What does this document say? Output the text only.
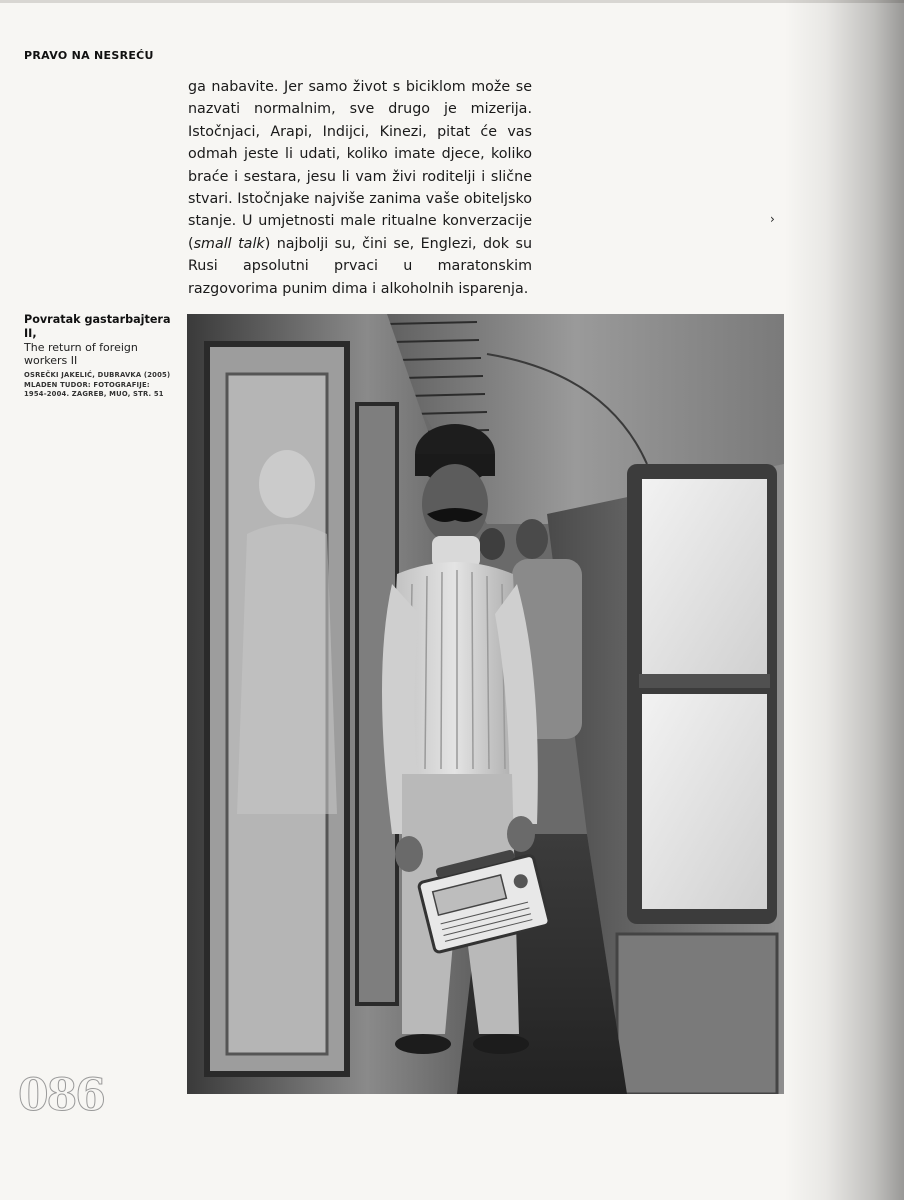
PRAVO NA NESREĆU

ga nabavite. Jer samo život s biciklom može se nazvati normalnim, sve drugo je mizerija. Istočnjaci, Arapi, Indijci, Kinezi, pitat će vas odmah jeste li udati, koliko imate djece, koliko braće i sestara, jesu li vam živi roditelji i slične stvari. Istočnjake najviše zanima vaše obiteljsko stanje. U umjetnosti male ritualne konverzacije (small talk) najbolji su, čini se, Englezi, dok su Rusi apsolutni prvaci u maratonskim razgovorima punim dima i alkoholnih isparenja.

›
Povratak gastarbajtera II,
The return of foreign workers II
OSREČKI JAKELIĆ, DUBRAVKA (2005)
MLADEN TUDOR: FOTOGRAFIJE: 1954-2004. ZAGREB, MUO, STR. 51
086
